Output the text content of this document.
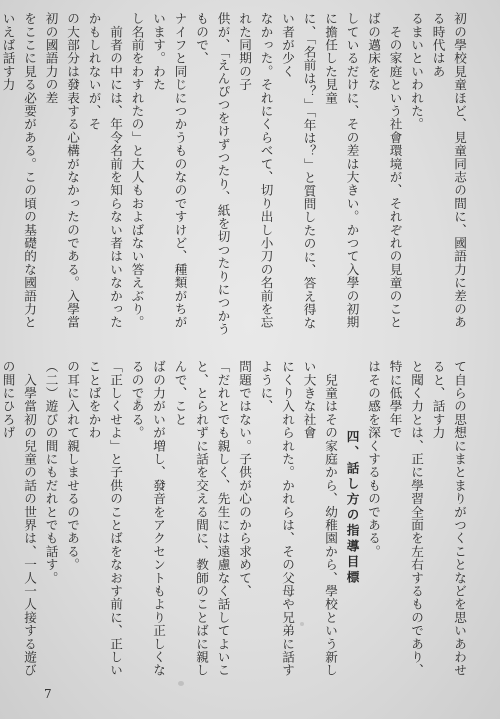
初の學校見童ほど、見童同志の間に、國語力に差のある時代はあ

るまいといわれた。

　その家庭という社會環境が、それぞれの見童のことばの邁床をな

しているだけに、その差は大きい。かつて入學の初期に擔任した見童

に、「名前は？」「年は？」と質問したのに、答え得ない者が少く

なかった。それにくらべて、切り出し小刀の名前を忘れた同期の子

供が、「えんぴつをけずつたり、紙を切つたりにつかうもので、

ナイフと同じにつかうものなのですけど、種類がちがいます。わた

し名前をわすれたの」と大人もおよばない答えぶり。

　前者の中には、年令名前を知らない者はいなかったかもしれないが、そ

の大部分は發表する心構がなかったのである。入學當初の國語力の差

をここに見る必要がある。この頃の基礎的な國語力といえば話す力

て自らの思想にまとまりがつくことなどを思いあわせると、話す力

と聞く力とは、正に學習全面を左右するものであり、特に低學年で

はその感を深くするものである。

四、話し方の指導目標

　兒童はその家庭から、幼稚園から、學校という新しい大きな社會

にくり入れられた。かれらは、その父母や兄弟に話すように、

問題ではない。子供が心のから求めて、

「だれとでも親しく、先生には遠慮なく話してよいこ

と、とられずに話を交える間に、教師のことばに親しんで、こと

ばの力がいが増し、發音をアクセントもより正しくなるのである。

「正しくせよ」と子供のことばをなおす前に、正しいことばをかわ

の耳に入れて親しませるのである。

（二）遊びの間にもだれとでも話す。

　入學當初の兒童の話の世界は、一人一人接する遊びの間にひろげ

7
